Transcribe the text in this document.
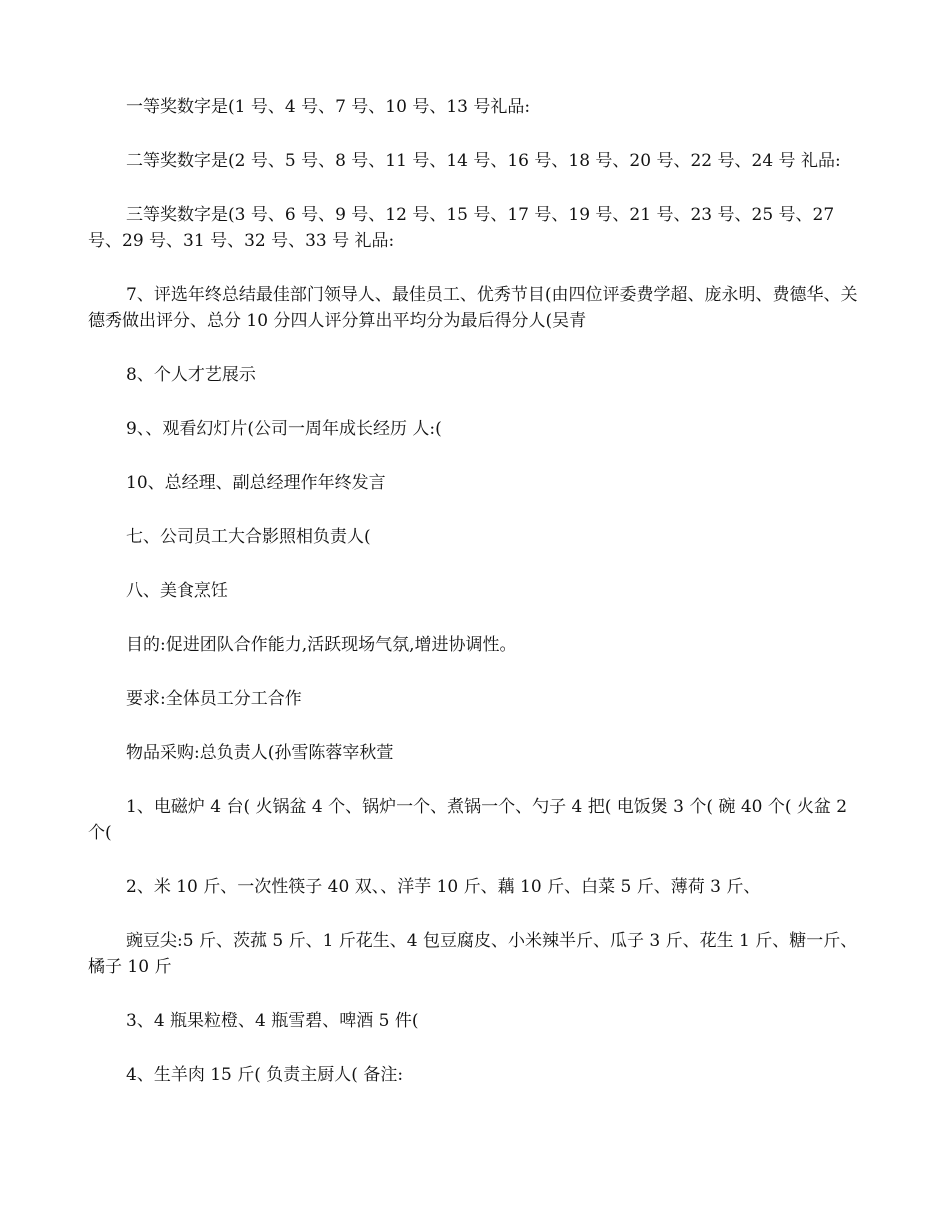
一等奖数字是(1 号、4 号、7 号、10 号、13 号礼品:

二等奖数字是(2 号、5 号、8 号、11 号、14 号、16 号、18 号、20 号、22 号、24 号 礼品:

三等奖数字是(3 号、6 号、9 号、12 号、15 号、17 号、19 号、21 号、23 号、25 号、27 号、29 号、31 号、32 号、33 号 礼品:

7、评选年终总结最佳部门领导人、最佳员工、优秀节目(由四位评委费学超、庞永明、费德华、关德秀做出评分、总分 10 分四人评分算出平均分为最后得分人(吴青

8、个人才艺展示

9、、观看幻灯片(公司一周年成长经历 人:(

10、总经理、副总经理作年终发言

七、公司员工大合影照相负责人(

八、美食烹饪

目的:促进团队合作能力,活跃现场气氛,增进协调性。

要求:全体员工分工合作

物品采购:总负责人(孙雪陈蓉宰秋萱

1、电磁炉 4 台( 火锅盆 4 个、锅炉一个、煮锅一个、勺子 4 把( 电饭煲 3 个( 碗 40 个( 火盆 2 个(

2、米 10 斤、一次性筷子 40 双、、洋芋 10 斤、藕 10 斤、白菜 5 斤、薄荷 3 斤、

豌豆尖:5 斤、茨菰 5 斤、1 斤花生、4 包豆腐皮、小米辣半斤、瓜子 3 斤、花生 1 斤、糖一斤、橘子 10 斤

3、4 瓶果粒橙、4 瓶雪碧、啤酒 5 件(

4、生羊肉 15 斤( 负责主厨人( 备注:
